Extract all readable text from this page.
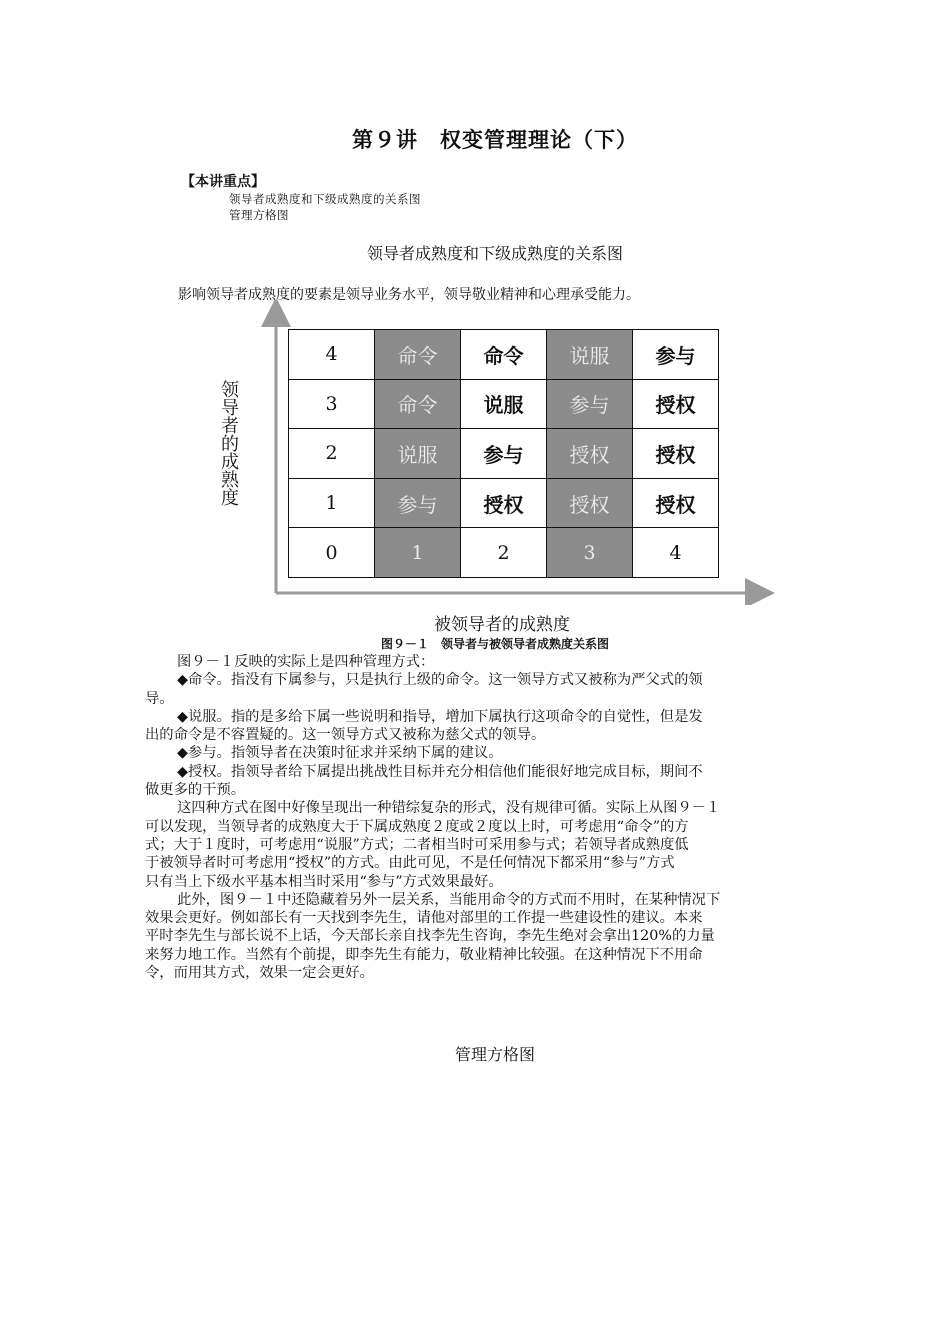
第９讲　权变管理理论（下）
【本讲重点】
领导者成熟度和下级成熟度的关系图
管理方格图
领导者成熟度和下级成熟度的关系图
影响领导者成熟度的要素是领导业务水平，领导敬业精神和心理承受能力。
4	命令	命令	说服	参与
3	命令	说服	参与	授权
2	说服	参与	授权	授权
1	参与	授权	授权	授权
0	1	2	3	4
领导者的成熟度
被领导者的成熟度
图９－１　领导者与被领导者成熟度关系图
图９－１反映的实际上是四种管理方式：
◆命令。指没有下属参与，只是执行上级的命令。这一领导方式又被称为严父式的领
导。
◆说服。指的是多给下属一些说明和指导，增加下属执行这项命令的自觉性，但是发
出的命令是不容置疑的。这一领导方式又被称为慈父式的领导。
◆参与。指领导者在决策时征求并采纳下属的建议。
◆授权。指领导者给下属提出挑战性目标并充分相信他们能很好地完成目标，期间不
做更多的干预。
这四种方式在图中好像呈现出一种错综复杂的形式，没有规律可循。实际上从图９－１
可以发现，当领导者的成熟度大于下属成熟度２度或２度以上时，可考虑用“命令”的方
式；大于１度时，可考虑用“说服”方式；二者相当时可采用参与式；若领导者成熟度低
于被领导者时可考虑用“授权”的方式。由此可见，不是任何情况下都采用“参与”方式
只有当上下级水平基本相当时采用“参与”方式效果最好。
此外，图９－１中还隐藏着另外一层关系，当能用命令的方式而不用时，在某种情况下
效果会更好。例如部长有一天找到李先生，请他对部里的工作提一些建设性的建议。本来
平时李先生与部长说不上话，今天部长亲自找李先生咨询，李先生绝对会拿出120%的力量
来努力地工作。当然有个前提，即李先生有能力，敬业精神比较强。在这种情况下不用命
令，而用其方式，效果一定会更好。
管理方格图
